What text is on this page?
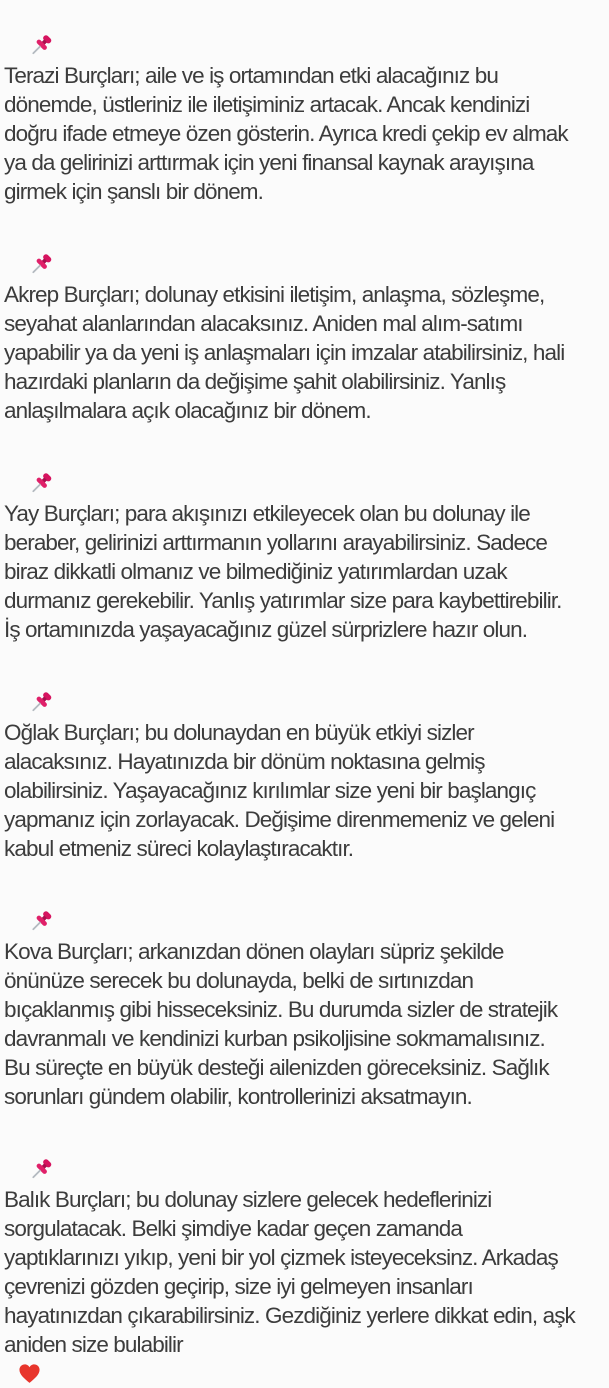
Terazi Burçları; aile ve iş ortamından etki alacağınız bu
dönemde, üstleriniz ile iletişiminiz artacak. Ancak kendinizi
doğru ifade etmeye özen gösterin. Ayrıca kredi çekip ev almak
ya da gelirinizi arttırmak için yeni finansal kaynak arayışına
girmek için şanslı bir dönem.

Akrep Burçları; dolunay etkisini iletişim, anlaşma, sözleşme,
seyahat alanlarından alacaksınız. Aniden mal alım-satımı
yapabilir ya da yeni iş anlaşmaları için imzalar atabilirsiniz, hali
hazırdaki planların da değişime şahit olabilirsiniz. Yanlış
anlaşılmalara açık olacağınız bir dönem.

Yay Burçları; para akışınızı etkileyecek olan bu dolunay ile
beraber, gelirinizi arttırmanın yollarını arayabilirsiniz. Sadece
biraz dikkatli olmanız ve bilmediğiniz yatırımlardan uzak
durmanız gerekebilir. Yanlış yatırımlar size para kaybettirebilir.
İş ortamınızda yaşayacağınız güzel sürprizlere hazır olun.

Oğlak Burçları; bu dolunaydan en büyük etkiyi sizler
alacaksınız. Hayatınızda bir dönüm noktasına gelmiş
olabilirsiniz. Yaşayacağınız kırılımlar size yeni bir başlangıç
yapmanız için zorlayacak. Değişime direnmemeniz ve geleni
kabul etmeniz süreci kolaylaştıracaktır.

Kova Burçları; arkanızdan dönen olayları süpriz şekilde
önünüze serecek bu dolunayda, belki de sırtınızdan
bıçaklanmış gibi hisseceksiniz. Bu durumda sizler de stratejik
davranmalı ve kendinizi kurban psikoljisine sokmamalısınız.
Bu süreçte en büyük desteği ailenizden göreceksiniz. Sağlık
sorunları gündem olabilir, kontrollerinizi aksatmayın.

Balık Burçları; bu dolunay sizlere gelecek hedeflerinizi
sorgulatacak. Belki şimdiye kadar geçen zamanda
yaptıklarınızı yıkıp, yeni bir yol çizmek isteyeceksinz. Arkadaş
çevrenizi gözden geçirip, size iyi gelmeyen insanları
hayatınızdan çıkarabilirsiniz. Gezdiğiniz yerlere dikkat edin, aşk
aniden size bulabilir
